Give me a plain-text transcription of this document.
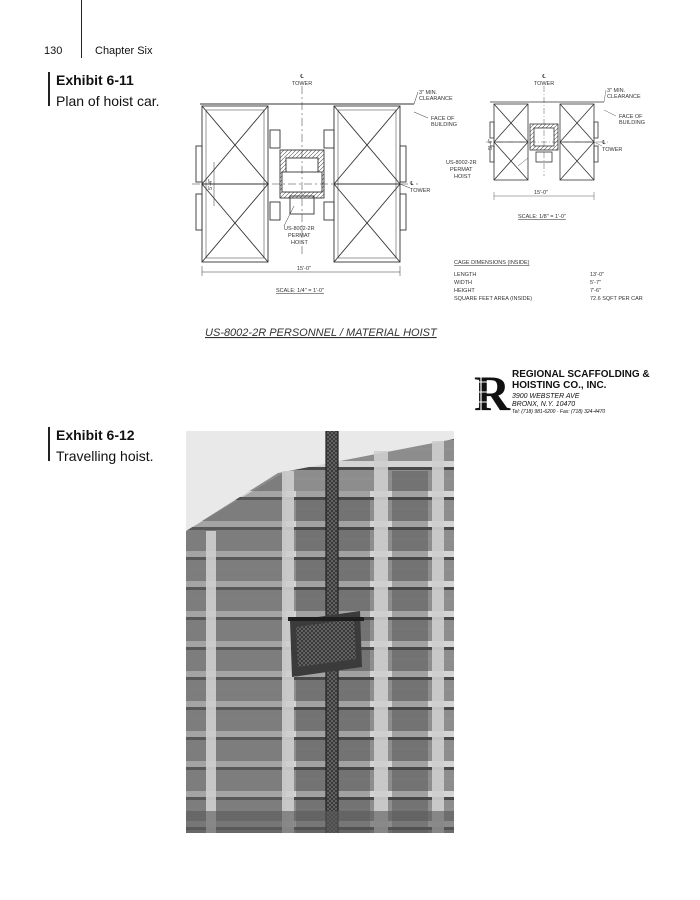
130	Chapter Six
Exhibit 6-11
Plan of hoist car.
℄
TOWER
3" MIN.
CLEARANCE
FACE OF
BUILDING
℄
TOWER
US-8002-2R
PERMAT
HOIST
15'-0"
5'-4"
SCALE: 1/4" = 1'-0"
℄
TOWER
3" MIN.
CLEARANCE
FACE OF
BUILDING
℄
TOWER
US-8002-2R
PERMAT
HOIST
15'-0"
5'-4"
SCALE: 1/8" = 1'-0"
CAGE DIMENSIONS (INSIDE)
LENGTH	13'-0"
WIDTH	5'-7"
HEIGHT	7'-6"
SQUARE FEET AREA (INSIDE)	72.6 SQFT PER CAR
US-8002-2R PERSONNEL / MATERIAL HOIST
R REGIONAL SCAFFOLDING &
HOISTING CO., INC.
3900 WEBSTER AVE
BRONX, N.Y. 10470
Tel: (718) 981-6200 · Fax: (718) 324-4470
Exhibit 6-12
Travelling hoist.
